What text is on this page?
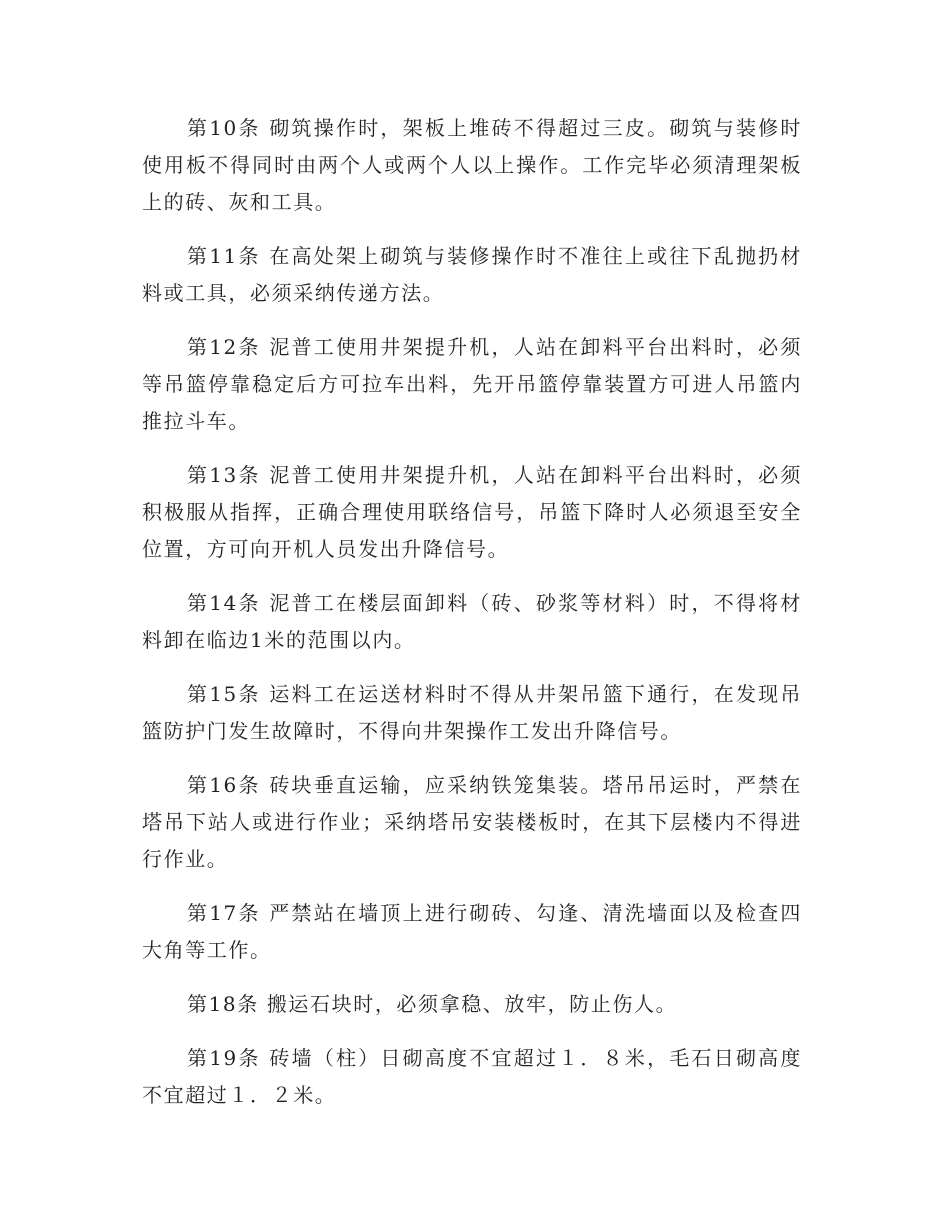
第10条 砌筑操作时，架板上堆砖不得超过三皮。砌筑与装修时使用板不得同时由两个人或两个人以上操作。工作完毕必须清理架板上的砖、灰和工具。

第11条 在高处架上砌筑与装修操作时不准往上或往下乱抛扔材料或工具，必须采纳传递方法。

第12条 泥普工使用井架提升机，人站在卸料平台出料时，必须等吊篮停靠稳定后方可拉车出料，先开吊篮停靠装置方可进人吊篮内推拉斗车。

第13条 泥普工使用井架提升机，人站在卸料平台出料时，必须积极服从指挥，正确合理使用联络信号，吊篮下降时人必须退至安全位置，方可向开机人员发出升降信号。

第14条 泥普工在楼层面卸料（砖、砂浆等材料）时，不得将材料卸在临边1米的范围以内。

第15条 运料工在运送材料时不得从井架吊篮下通行，在发现吊篮防护门发生故障时，不得向井架操作工发出升降信号。

第16条 砖块垂直运输，应采纳铁笼集装。塔吊吊运时，严禁在塔吊下站人或进行作业；采纳塔吊安装楼板时，在其下层楼内不得进行作业。

第17条 严禁站在墙顶上进行砌砖、勾逢、清洗墙面以及检查四大角等工作。

第18条 搬运石块时，必须拿稳、放牢，防止伤人。

第19条 砖墙（柱）日砌高度不宜超过１．８米，毛石日砌高度不宜超过１．２米。
